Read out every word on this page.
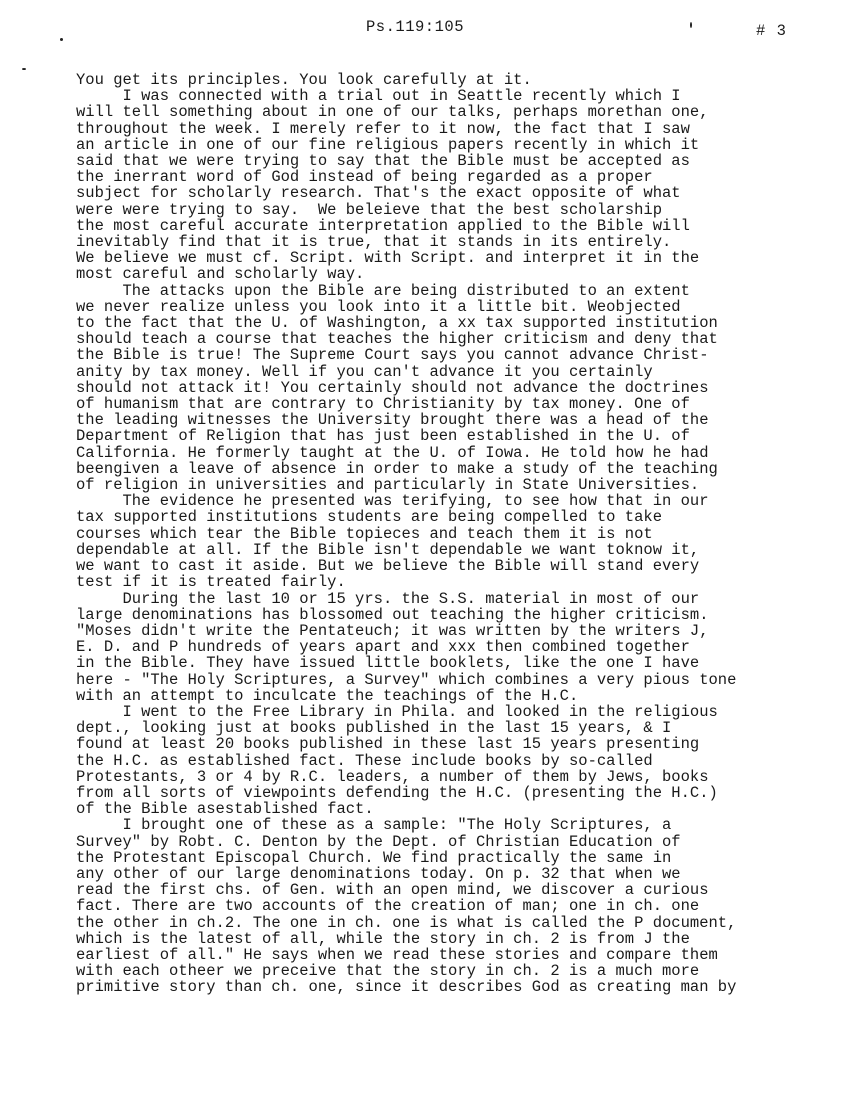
Ps.119:105	# 3
You get its principles. You look carefully at it.
I was connected with a trial out in Seattle recently which I
will tell something about in one of our talks, perhaps morethan one,
throughout the week. I merely refer to it now, the fact that I saw
an article in one of our fine religious papers recently in which it
said that we were trying to say that the Bible must be accepted as
the inerrant word of God instead of being regarded as a proper
subject for scholarly research. That's the exact opposite of what
were were trying to say.  We beleieve that the best scholarship
the most careful accurate interpretation applied to the Bible will
inevitably find that it is true, that it stands in its entirely.
We believe we must cf. Script. with Script. and interpret it in the
most careful and scholarly way.
The attacks upon the Bible are being distributed to an extent
we never realize unless you look into it a little bit. Weobjected
to the fact that the U. of Washington, a xx tax supported institution
should teach a course that teaches the higher criticism and deny that
the Bible is true! The Supreme Court says you cannot advance Christ-
anity by tax money. Well if you can't advance it you certainly
should not attack it! You certainly should not advance the doctrines
of humanism that are contrary to Christianity by tax money. One of
the leading witnesses the University brought there was a head of the
Department of Religion that has just been established in the U. of
California. He formerly taught at the U. of Iowa. He told how he had
beengiven a leave of absence in order to make a study of the teaching
of religion in universities and particularly in State Universities.
The evidence he presented was terifying, to see how that in our
tax supported institutions students are being compelled to take
courses which tear the Bible topieces and teach them it is not
dependable at all. If the Bible isn't dependable we want toknow it,
we want to cast it aside. But we believe the Bible will stand every
test if it is treated fairly.
During the last 10 or 15 yrs. the S.S. material in most of our
large denominations has blossomed out teaching the higher criticism.
"Moses didn't write the Pentateuch; it was written by the writers J,
E. D. and P hundreds of years apart and xxx then combined together
in the Bible. They have issued little booklets, like the one I have
here - "The Holy Scriptures, a Survey" which combines a very pious tone
with an attempt to inculcate the teachings of the H.C.
I went to the Free Library in Phila. and looked in the religious
dept., looking just at books published in the last 15 years, & I
found at least 20 books published in these last 15 years presenting
the H.C. as established fact. These include books by so-called
Protestants, 3 or 4 by R.C. leaders, a number of them by Jews, books
from all sorts of viewpoints defending the H.C. (presenting the H.C.)
of the Bible asestablished fact.
I brought one of these as a sample: "The Holy Scriptures, a
Survey" by Robt. C. Denton by the Dept. of Christian Education of
the Protestant Episcopal Church. We find practically the same in
any other of our large denominations today. On p. 32 that when we
read the first chs. of Gen. with an open mind, we discover a curious
fact. There are two accounts of the creation of man; one in ch. one
the other in ch.2. The one in ch. one is what is called the P document,
which is the latest of all, while the story in ch. 2 is from J the
earliest of all." He says when we read these stories and compare them
with each otheer we preceive that the story in ch. 2 is a much more
primitive story than ch. one, since it describes God as creating man by
